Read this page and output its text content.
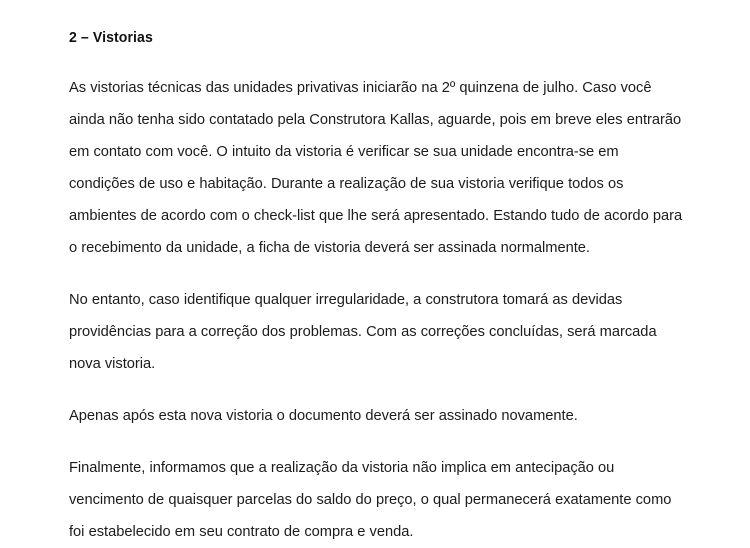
2 – Vistorias

As vistorias técnicas das unidades privativas iniciarão na 2º quinzena de julho. Caso você ainda não tenha sido contatado pela Construtora Kallas, aguarde, pois em breve eles entrarão em contato com você. O intuito da vistoria é verificar se sua unidade encontra-se em condições de uso e habitação. Durante a realização de sua vistoria verifique todos os ambientes de acordo com o check-list que lhe será apresentado. Estando tudo de acordo para o recebimento da unidade, a ficha de vistoria deverá ser assinada normalmente.

No entanto, caso identifique qualquer irregularidade, a construtora tomará as devidas providências para a correção dos problemas. Com as correções concluídas, será marcada nova vistoria.

Apenas após esta nova vistoria o documento deverá ser assinado novamente.

Finalmente, informamos que a realização da vistoria não implica em antecipação ou vencimento de quaisquer parcelas do saldo do preço, o qual permanecerá exatamente como foi estabelecido em seu contrato de compra e venda.
